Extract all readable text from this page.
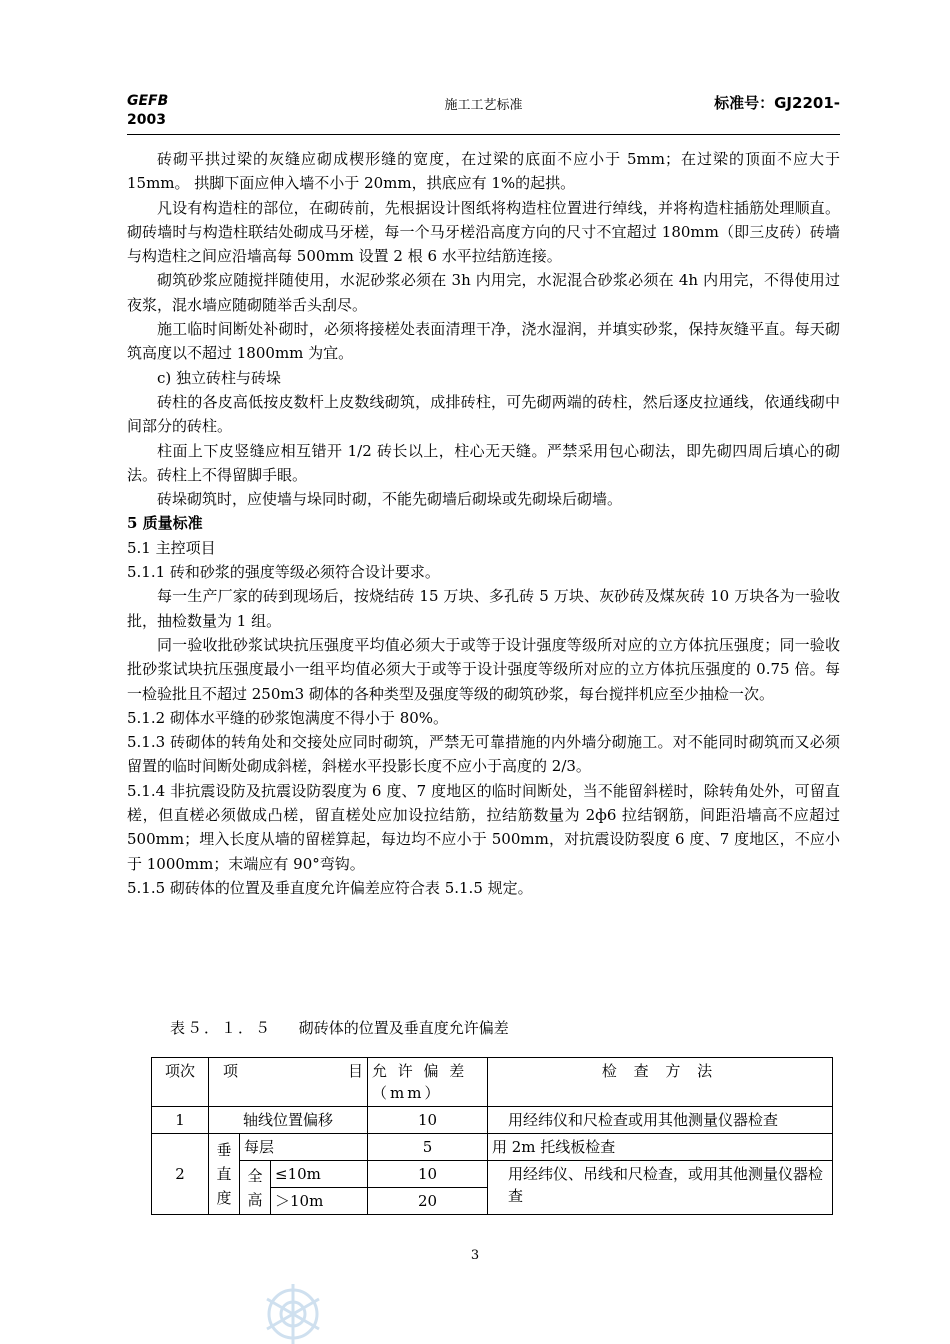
GEFB
2003
施工工艺标准	标准号：GJ2201-

砖砌平拱过梁的灰缝应砌成楔形缝的宽度，在过梁的底面不应小于 5mm；在过梁的顶面不应大于 15mm。 拱脚下面应伸入墙不小于 20mm，拱底应有 1%的起拱。

凡设有构造柱的部位，在砌砖前，先根据设计图纸将构造柱位置进行绰线，并将构造柱插筋处理顺直。砌砖墙时与构造柱联结处砌成马牙槎，每一个马牙槎沿高度方向的尺寸不宜超过 180mm（即三皮砖）砖墙与构造柱之间应沿墙高每 500mm 设置 2 根 6 水平拉结筋连接。

砌筑砂浆应随搅拌随使用，水泥砂浆必须在 3h 内用完，水泥混合砂浆必须在 4h 内用完，不得使用过夜浆，混水墙应随砌随举舌头刮尽。

施工临时间断处补砌时，必须将接槎处表面清理干净，浇水湿润，并填实砂浆，保持灰缝平直。每天砌筑高度以不超过 1800mm 为宜。

c) 独立砖柱与砖垛

砖柱的各皮高低按皮数杆上皮数线砌筑，成排砖柱，可先砌两端的砖柱，然后逐皮拉通线，依通线砌中间部分的砖柱。

柱面上下皮竖缝应相互错开 1/2 砖长以上，柱心无天缝。严禁采用包心砌法，即先砌四周后填心的砌法。砖柱上不得留脚手眼。

砖垛砌筑时，应使墙与垛同时砌，不能先砌墙后砌垛或先砌垛后砌墙。

5 质量标准

5.1 主控项目

5.1.1 砖和砂浆的强度等级必须符合设计要求。

每一生产厂家的砖到现场后，按烧结砖 15 万块、多孔砖 5 万块、灰砂砖及煤灰砖 10 万块各为一验收批，抽检数量为 1 组。

同一验收批砂浆试块抗压强度平均值必须大于或等于设计强度等级所对应的立方体抗压强度；同一验收批砂浆试块抗压强度最小一组平均值必须大于或等于设计强度等级所对应的立方体抗压强度的 0.75 倍。每一检验批且不超过 250m3 砌体的各种类型及强度等级的砌筑砂浆，每台搅拌机应至少抽检一次。

5.1.2 砌体水平缝的砂浆饱满度不得小于 80%。

5.1.3 砖砌体的转角处和交接处应同时砌筑，严禁无可靠措施的内外墙分砌施工。对不能同时砌筑而又必须留置的临时间断处砌成斜槎，斜槎水平投影长度不应小于高度的 2/3。

5.1.4 非抗震设防及抗震设防裂度为 6 度、7 度地区的临时间断处，当不能留斜槎时，除转角处外，可留直槎，但直槎必须做成凸槎，留直槎处应加设拉结筋，拉结筋数量为 2ф6 拉结钢筋，间距沿墙高不应超过 500mm；埋入长度从墙的留槎算起，每边均不应小于 500mm，对抗震设防裂度 6 度、7 度地区，不应小于 1000mm；末端应有 90°弯钩。

5.1.5 砌砖体的位置及垂直度允许偏差应符合表 5.1.5 规定。

表５．１．５ 砌砖体的位置及垂直度允许偏差
项次	项 目			允 许 偏 差（mm）	检 查 方 法
1	轴线位置偏移			10	用经纬仪和尺检查或用其他测量仪器检查
2	垂直度	每层		5	用 2m 托线板检查
		全高	≤10m	10	用经纬仪、吊线和尺检查，或用其他测量仪器检查
			＞10m	20	
3
